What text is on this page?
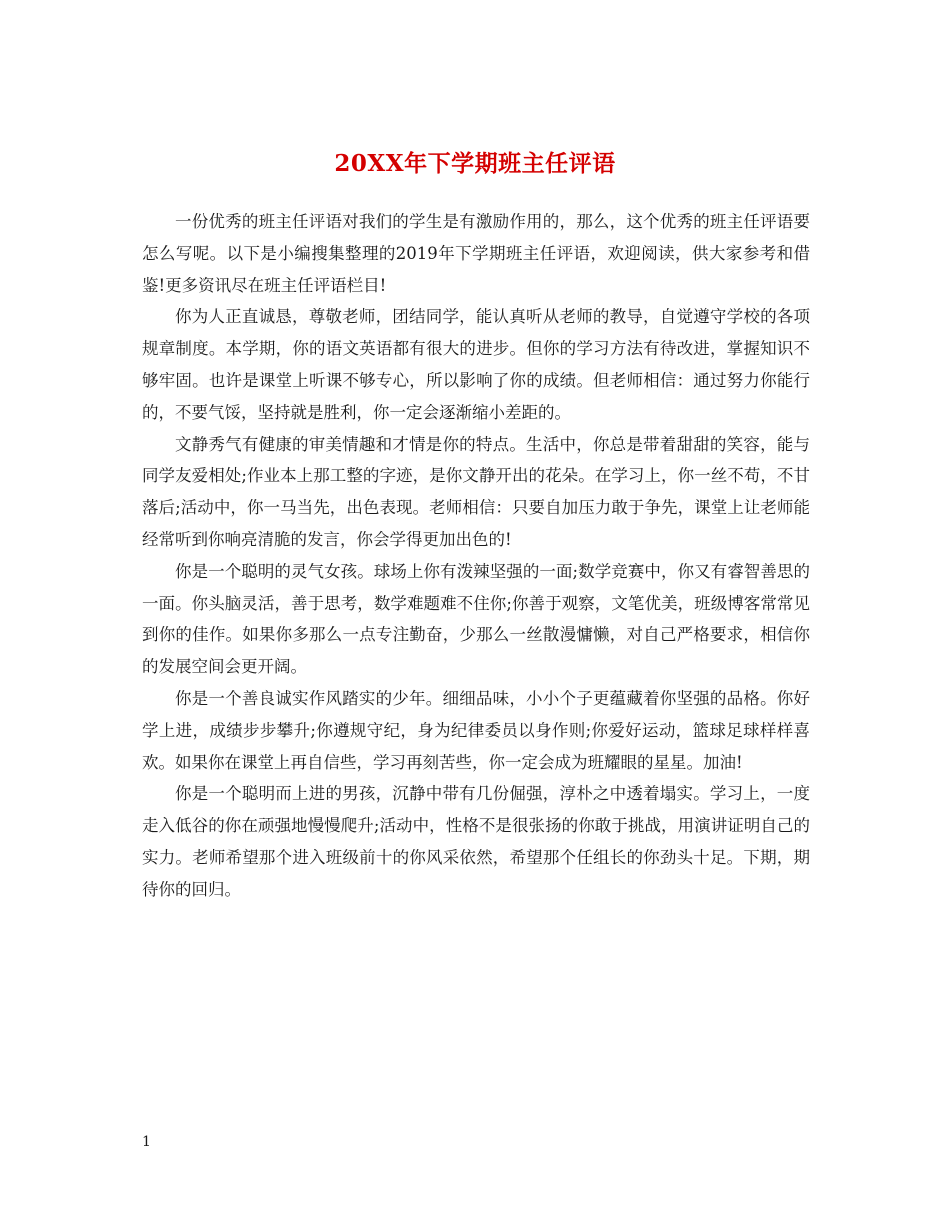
20XX年下学期班主任评语

一份优秀的班主任评语对我们的学生是有激励作用的，那么，这个优秀的班主任评语要怎么写呢。以下是小编搜集整理的2019年下学期班主任评语，欢迎阅读，供大家参考和借鉴!更多资讯尽在班主任评语栏目!

你为人正直诚恳，尊敬老师，团结同学，能认真听从老师的教导，自觉遵守学校的各项规章制度。本学期，你的语文英语都有很大的进步。但你的学习方法有待改进，掌握知识不够牢固。也许是课堂上听课不够专心，所以影响了你的成绩。但老师相信：通过努力你能行的，不要气馁，坚持就是胜利，你一定会逐渐缩小差距的。

文静秀气有健康的审美情趣和才情是你的特点。生活中，你总是带着甜甜的笑容，能与同学友爱相处;作业本上那工整的字迹，是你文静开出的花朵。在学习上，你一丝不苟，不甘落后;活动中，你一马当先，出色表现。老师相信：只要自加压力敢于争先，课堂上让老师能经常听到你响亮清脆的发言，你会学得更加出色的!

你是一个聪明的灵气女孩。球场上你有泼辣坚强的一面;数学竞赛中，你又有睿智善思的一面。你头脑灵活，善于思考，数学难题难不住你;你善于观察，文笔优美，班级博客常常见到你的佳作。如果你多那么一点专注勤奋，少那么一丝散漫慵懒，对自己严格要求，相信你的发展空间会更开阔。

你是一个善良诚实作风踏实的少年。细细品味，小小个子更蕴藏着你坚强的品格。你好学上进，成绩步步攀升;你遵规守纪，身为纪律委员以身作则;你爱好运动，篮球足球样样喜欢。如果你在课堂上再自信些，学习再刻苦些，你一定会成为班耀眼的星星。加油!

你是一个聪明而上进的男孩，沉静中带有几份倔强，淳朴之中透着塌实。学习上，一度走入低谷的你在顽强地慢慢爬升;活动中，性格不是很张扬的你敢于挑战，用演讲证明自己的实力。老师希望那个进入班级前十的你风采依然，希望那个任组长的你劲头十足。下期，期待你的回归。

1
